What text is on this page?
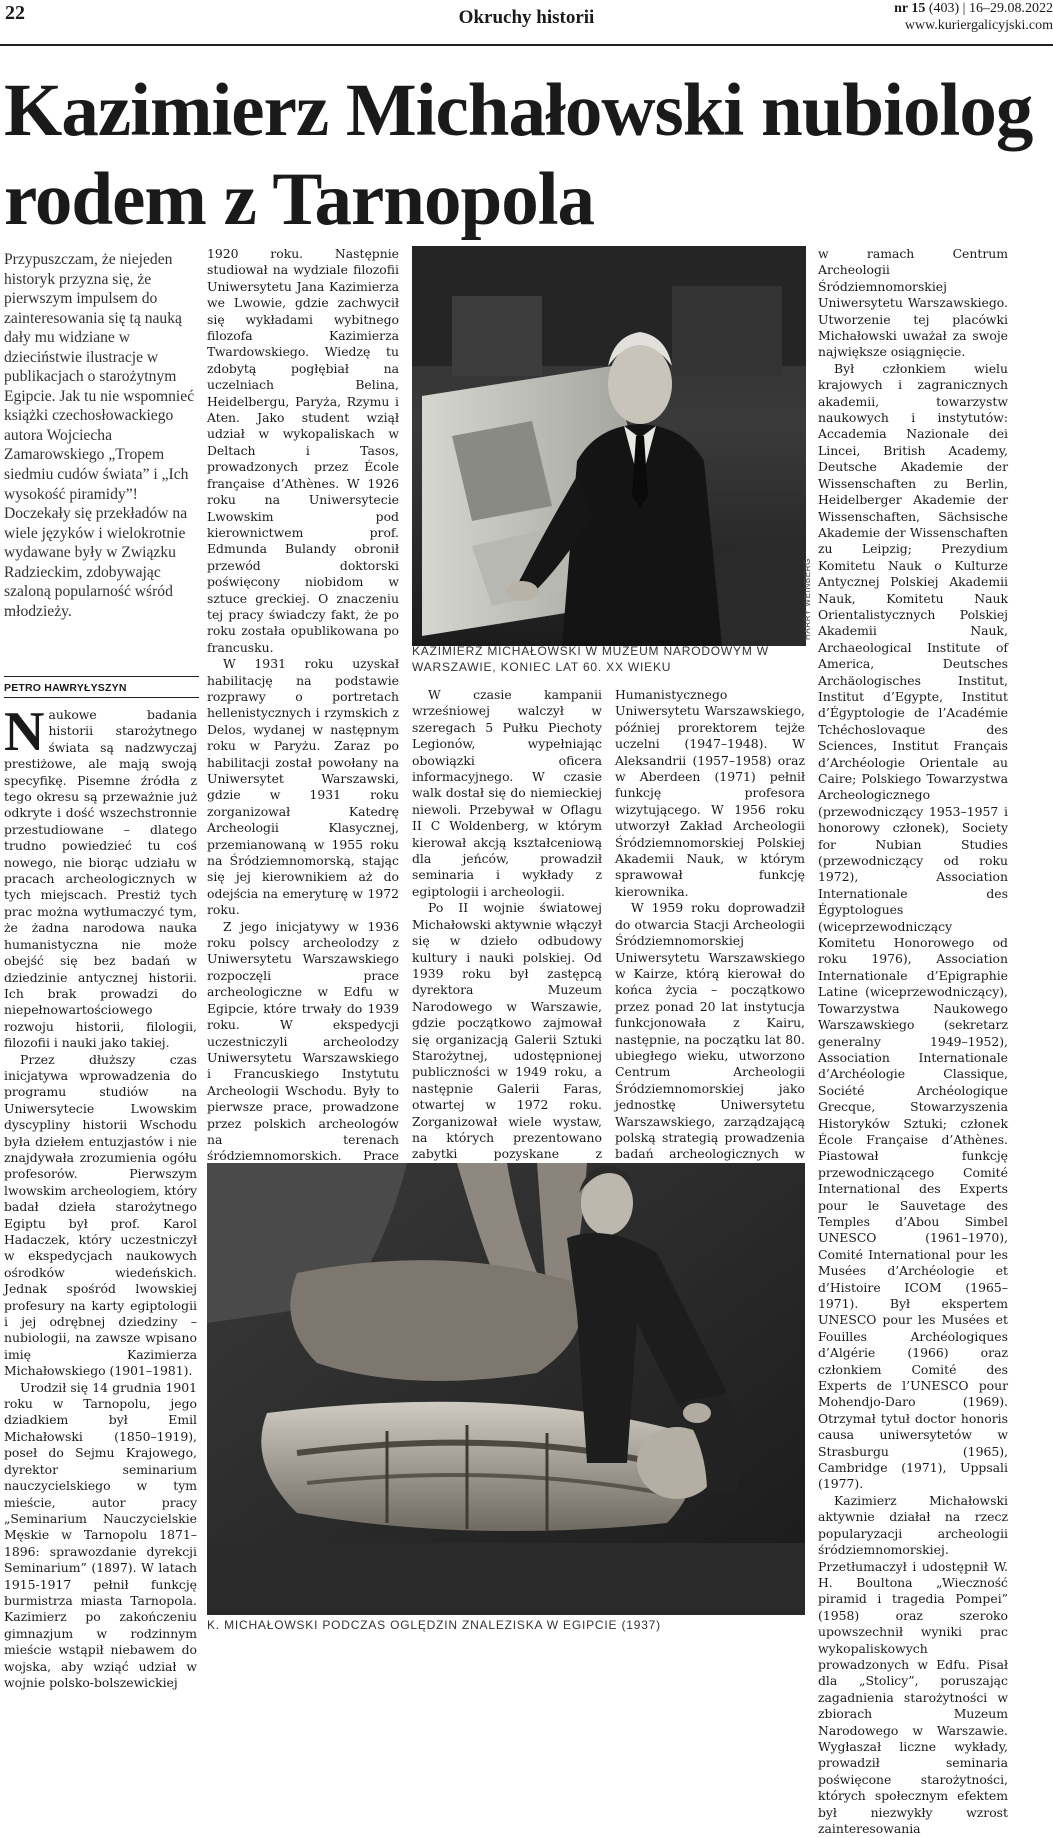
22	Okruchy historii	nr 15 (403) | 16–29.08.2022
www.kuriergalicyjski.com
Kazimierz Michałowski nubiolog rodem z Tarnopola

Przypuszczam, że niejeden historyk przyzna się, że pierwszym impulsem do zainteresowania się tą nauką dały mu widziane w dzieciństwie ilustracje w publikacjach o starożytnym Egipcie. Jak tu nie wspomnieć książki czechosłowackiego autora Wojciecha Zamarowskiego „Tropem siedmiu cudów świata” i „Ich wysokość piramidy”! Doczekały się przekładów na wiele języków i wielokrotnie wydawane były w Związku Radzieckim, zdobywając szaloną popularność wśród młodzieży.

PETRO HAWRYŁYSZYN

Naukowe badania historii starożytnego świata są nadzwyczaj prestiżowe, ale mają swoją specyfikę. Pisemne źródła z tego okresu są przeważnie już odkryte i dość wszechstronnie przestudiowane – dlatego trudno powiedzieć tu coś nowego, nie biorąc udziału w pracach archeologicznych w tych miejscach. Prestiż tych prac można wytłumaczyć tym, że żadna narodowa nauka humanistyczna nie może obejść się bez badań w dziedzinie antycznej historii. Ich brak prowadzi do niepełnowartościowego rozwoju historii, filologii, filozofii i nauki jako takiej.

Przez dłuższy czas inicjatywa wprowadzenia do programu studiów na Uniwersytecie Lwowskim dyscypliny historii Wschodu była dziełem entuzjastów i nie znajdywała zrozumienia ogółu profesorów. Pierwszym lwowskim archeologiem, który badał dzieła starożytnego Egiptu był prof. Karol Hadaczek, który uczestniczył w ekspedycjach naukowych ośrodków wiedeńskich. Jednak spośród lwowskiej profesury na karty egiptologii i jej odrębnej dziedziny – nubiologii, na zawsze wpisano imię Kazimierza Michałowskiego (1901–1981).

Urodził się 14 grudnia 1901 roku w Tarnopolu, jego dziadkiem był Emil Michałowski (1850–1919), poseł do Sejmu Krajowego, dyrektor seminarium nauczycielskiego w tym mieście, autor pracy „Seminarium Nauczycielskie Męskie w Tarnopolu 1871–1896: sprawozdanie dyrekcji Seminarium” (1897). W latach 1915-1917 pełnił funkcję burmistrza miasta Tarnopola. Kazimierz po zakończeniu gimnazjum w rodzinnym mieście wstąpił niebawem do wojska, aby wziąć udział w wojnie polsko-bolszewickiej

1920 roku. Następnie studiował na wydziale filozofii Uniwersytetu Jana Kazimierza we Lwowie, gdzie zachwycił się wykładami wybitnego filozofa Kazimierza Twardowskiego. Wiedzę tu zdobytą pogłębiał na uczelniach Belina, Heidelbergu, Paryża, Rzymu i Aten. Jako student wziął udział w wykopaliskach w Deltach i Tasos, prowadzonych przez École française d’Athènes. W 1926 roku na Uniwersytecie Lwowskim pod kierownictwem prof. Edmunda Bulandy obronił przewód doktorski poświęcony niobidom w sztuce greckiej. O znaczeniu tej pracy świadczy fakt, że po roku została opublikowana po francusku.

W 1931 roku uzyskał habilitację na podstawie rozprawy o portretach hellenistycznych i rzymskich z Delos, wydanej w następnym roku w Paryżu. Zaraz po habilitacji został powołany na Uniwersytet Warszawski, gdzie w 1931 roku zorganizował Katedrę Archeologii Klasycznej, przemianowaną w 1955 roku na Śródziemnomorską, stając się jej kierownikiem aż do odejścia na emeryturę w 1972 roku.

Z jego inicjatywy w 1936 roku polscy archeolodzy z Uniwersytetu Warszawskiego rozpoczęli prace archeologiczne w Edfu w Egipcie, które trwały do 1939 roku. W ekspedycji uczestniczyli archeolodzy Uniwersytetu Warszawskiego i Francuskiego Instytutu Archeologii Wschodu. Były to pierwsze prace, prowadzone przez polskich archeologów na terenach śródziemnomorskich. Prace

HARRY WEINBERG
KAZIMIERZ MICHAŁOWSKI W MUZEUM NARODOWYM W WARSZAWIE, KONIEC LAT 60. XX WIEKU

W czasie kampanii wrześniowej walczył w szeregach 5 Pułku Piechoty Legionów, wypełniając obowiązki oficera informacyjnego. W czasie walk dostał się do niemieckiej niewoli. Przebywał w Oflagu II C Woldenberg, w którym kierował akcją kształceniową dla jeńców, prowadził seminaria i wykłady z egiptologii i archeologii.

Po II wojnie światowej Michałowski aktywnie włączył się w dzieło odbudowy kultury i nauki polskiej. Od 1939 roku był zastępcą dyrektora Muzeum Narodowego w Warszawie, gdzie początkowo zajmował się organizacją Galerii Sztuki Starożytnej, udostępnionej publiczności w 1949 roku, a następnie Galerii Faras, otwartej w 1972 roku. Zorganizował wiele wystaw, na których prezentowano zabytki pozyskane z

Humanistycznego Uniwersytetu Warszawskiego, później prorektorem tejże uczelni (1947–1948). W Aleksandrii (1957–1958) oraz w Aberdeen (1971) pełnił funkcję profesora wizytującego. W 1956 roku utworzył Zakład Archeologii Śródziemnomorskiej Polskiej Akademii Nauk, w którym sprawował funkcję kierownika.

W 1959 roku doprowadził do otwarcia Stacji Archeologii Śródziemnomorskiej Uniwersytetu Warszawskiego w Kairze, którą kierował do końca życia – początkowo przez ponad 20 lat instytucja funkcjonowała z Kairu, następnie, na początku lat 80. ubiegłego wieku, utworzono Centrum Archeologii Śródziemnomorskiej jako jednostkę Uniwersytetu Warszawskiego, zarządzającą polską strategią prowadzenia badań archeologicznych w

w ramach Centrum Archeologii Śródziemnomorskiej Uniwersytetu Warszawskiego. Utworzenie tej placówki Michałowski uważał za swoje największe osiągnięcie.

Był członkiem wielu krajowych i zagranicznych akademii, towarzystw naukowych i instytutów: Accademia Nazionale dei Lincei, British Academy, Deutsche Akademie der Wissenschaften zu Berlin, Heidelberger Akademie der Wissenschaften, Sächsische Akademie der Wissenschaften zu Leipzig; Prezydium Komitetu Nauk o Kulturze Antycznej Polskiej Akademii Nauk, Komitetu Nauk Orientalistycznych Polskiej Akademii Nauk, Archaeological Institute of America, Deutsches Archäologisches Institut, Institut d’Egypte, Institut d’Égyptologie de l’Académie Tchéchoslovaque des Sciences, Institut Français d’Archéologie Orientale au Caire; Polskiego Towarzystwa Archeologicznego (przewodniczący 1953–1957 i honorowy członek), Society for Nubian Studies (przewodniczący od roku 1972), Association Internationale des Égyptologues (wiceprzewodniczący Komitetu Honorowego od roku 1976), Association Internationale d’Epigraphie Latine (wiceprzewodniczący), Towarzystwa Naukowego Warszawskiego (sekretarz generalny 1949–1952), Association Internationale d’Archéologie Classique, Société Archéologique Grecque, Stowarzyszenia Historyków Sztuki; członek École Française d’Athènes. Piastował funkcję przewodniczącego Comité International des Experts pour le Sauvetage des Temples d’Abou Simbel UNESCO (1961–1970), Comité International pour les Musées d’Archéologie et d’Histoire ICOM (1965–1971). Był ekspertem UNESCO pour les Musées et Fouilles Archéologiques d’Algérie (1966) oraz członkiem Comité des Experts de l’UNESCO pour Mohendjo-Daro (1969). Otrzymał tytuł doctor honoris causa uniwersytetów w Strasburgu (1965), Cambridge (1971), Uppsali (1977).

Kazimierz Michałowski aktywnie działał na rzecz popularyzacji archeologii śródziemnomorskiej. Przetłumaczył i udostępnił W. H. Boultona „Wieczność piramid i tragedia Pompei” (1958) oraz szeroko upowszechnił wyniki prac wykopaliskowych prowadzonych w Edfu. Pisał dla „Stolicy”, poruszając zagadnienia starożytności w zbiorach Muzeum Narodowego w Warszawie. Wygłaszał liczne wykłady, prowadził seminaria poświęcone starożytności, których społecznym efektem był niezwykły wzrost zainteresowania

K. MICHAŁOWSKI PODCZAS OGLĘDZIN ZNALEZISKA W EGIPCIE (1937)
